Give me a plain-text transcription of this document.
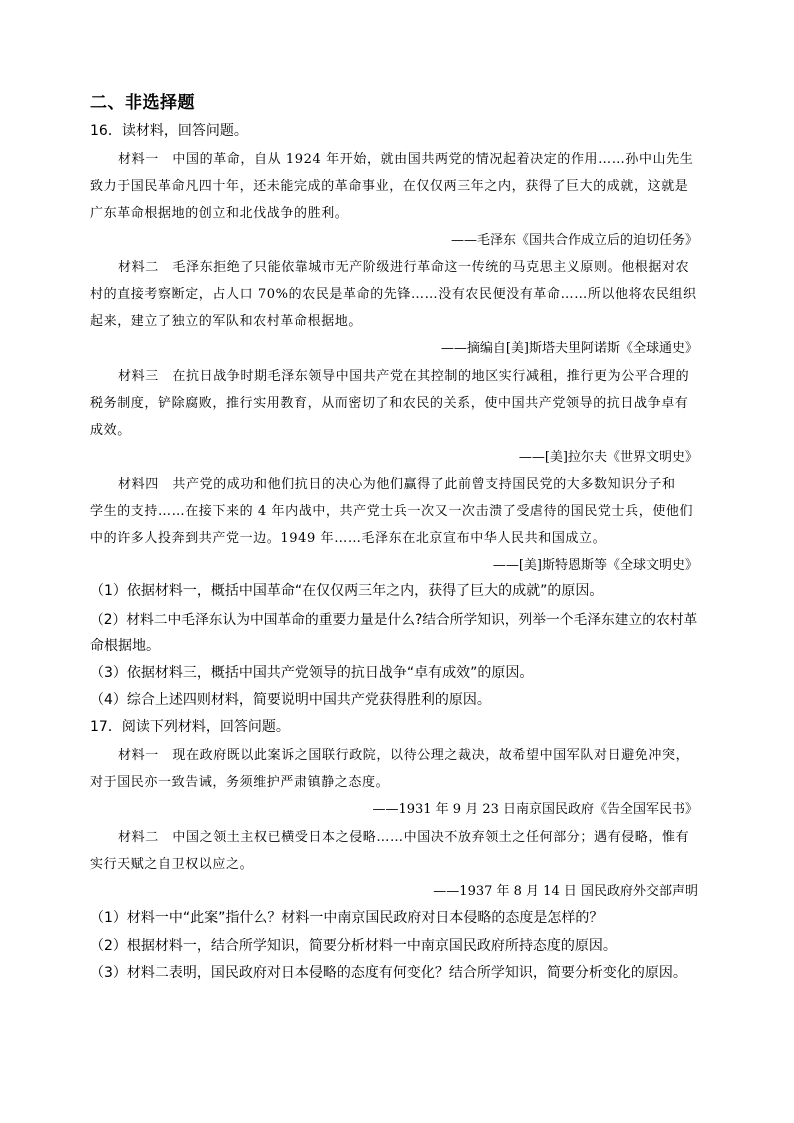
二、非选择题
16．读材料，回答问题。
材料一　中国的革命，自从 1924 年开始，就由国共两党的情况起着决定的作用……孙中山先生
致力于国民革命凡四十年，还未能完成的革命事业，在仅仅两三年之内，获得了巨大的成就，这就是
广东革命根据地的创立和北伐战争的胜利。
——毛泽东《国共合作成立后的迫切任务》
材料二　毛泽东拒绝了只能依靠城市无产阶级进行革命这一传统的马克思主义原则。他根据对农
村的直接考察断定，占人口 70%的农民是革命的先锋……没有农民便没有革命……所以他将农民组织
起来，建立了独立的军队和农村革命根据地。
——摘编自[美]斯塔夫里阿诺斯《全球通史》
材料三　在抗日战争时期毛泽东领导中国共产党在其控制的地区实行减租，推行更为公平合理的
税务制度，铲除腐败，推行实用教育，从而密切了和农民的关系，使中国共产党领导的抗日战争卓有
成效。
——[美]拉尔夫《世界文明史》
材料四　共产党的成功和他们抗日的决心为他们赢得了此前曾支持国民党的大多数知识分子和
学生的支持……在接下来的 4 年内战中，共产党士兵一次又一次击溃了受虐待的国民党士兵，使他们
中的许多人投奔到共产党一边。1949 年……毛泽东在北京宣布中华人民共和国成立。
——[美]斯特恩斯等《全球文明史》
（1）依据材料一，概括中国革命“在仅仅两三年之内，获得了巨大的成就”的原因。
（2）材料二中毛泽东认为中国革命的重要力量是什么?结合所学知识，列举一个毛泽东建立的农村革
命根据地。
（3）依据材料三，概括中国共产党领导的抗日战争“卓有成效”的原因。
（4）综合上述四则材料，简要说明中国共产党获得胜利的原因。
17．阅读下列材料，回答问题。
材料一　现在政府既以此案诉之国联行政院，以待公理之裁决，故希望中国军队对日避免冲突，
对于国民亦一致告诫，务须维护严肃镇静之态度。
——1931 年 9 月 23 日南京国民政府《告全国军民书》
材料二　中国之领土主权已横受日本之侵略……中国决不放弃领土之任何部分；遇有侵略，惟有
实行天赋之自卫权以应之。
——1937 年 8 月 14 日 国民政府外交部声明
（1）材料一中“此案”指什么？材料一中南京国民政府对日本侵略的态度是怎样的？
（2）根据材料一，结合所学知识，简要分析材料一中南京国民政府所持态度的原因。
（3）材料二表明，国民政府对日本侵略的态度有何变化？结合所学知识，简要分析变化的原因。
